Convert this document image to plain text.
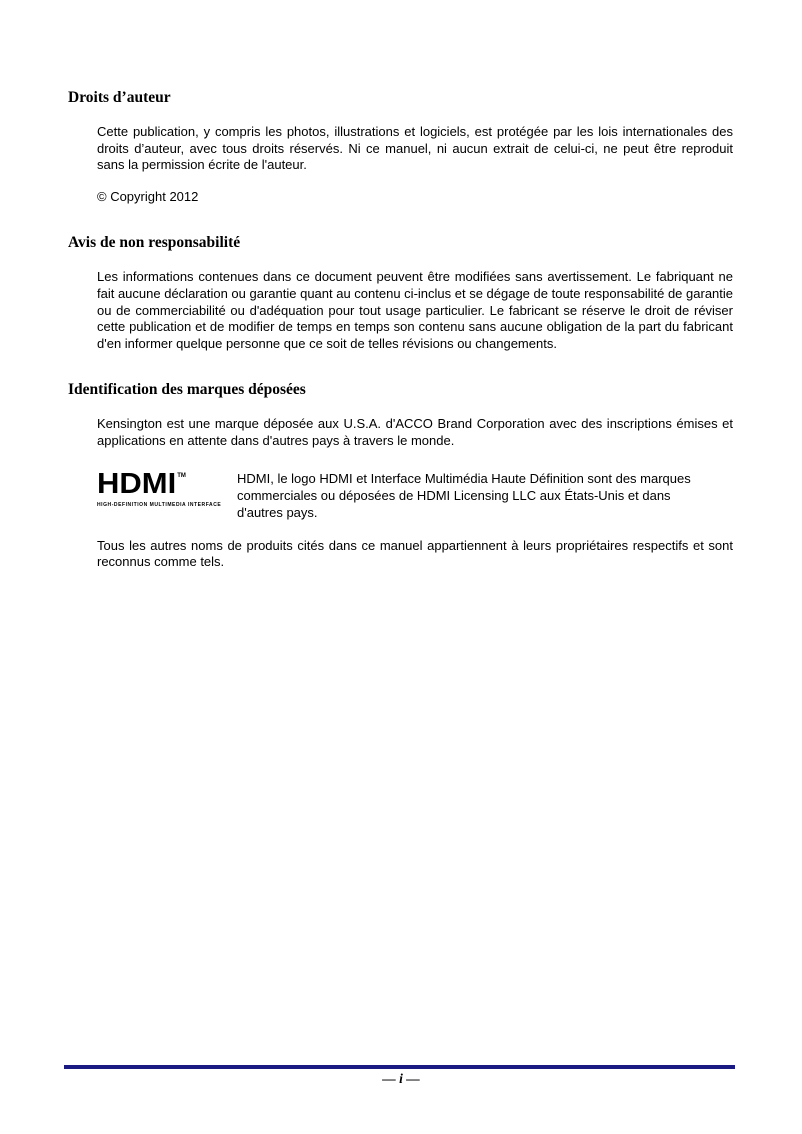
Droits d’auteur

Cette publication, y compris les photos, illustrations et logiciels, est protégée par les lois internationales des droits d’auteur, avec tous droits réservés. Ni ce manuel, ni aucun extrait de celui-ci, ne peut être reproduit sans la permission écrite de l'auteur.

© Copyright 2012

Avis de non responsabilité

Les informations contenues dans ce document peuvent être modifiées sans avertissement. Le fabriquant ne fait aucune déclaration ou garantie quant au contenu ci-inclus et se dégage de toute responsabilité de garantie ou de commerciabilité ou d'adéquation pour tout usage particulier. Le fabricant se réserve le droit de réviser cette publication et de modifier de temps en temps son contenu sans aucune obligation de la part du fabricant d'en informer quelque personne que ce soit de telles révisions ou changements.

Identification des marques déposées

Kensington est une marque déposée aux U.S.A. d'ACCO Brand Corporation avec des inscriptions émises et applications en attente dans d'autres pays à travers le monde.

HDMI TM
HIGH-DEFINITION MULTIMEDIA INTERFACE

HDMI, le logo HDMI et Interface Multimédia Haute Définition sont des marques commerciales ou déposées de HDMI Licensing LLC aux États-Unis et dans d'autres pays.

Tous les autres noms de produits cités dans ce manuel appartiennent à leurs propriétaires respectifs et sont reconnus comme tels.

— i —
